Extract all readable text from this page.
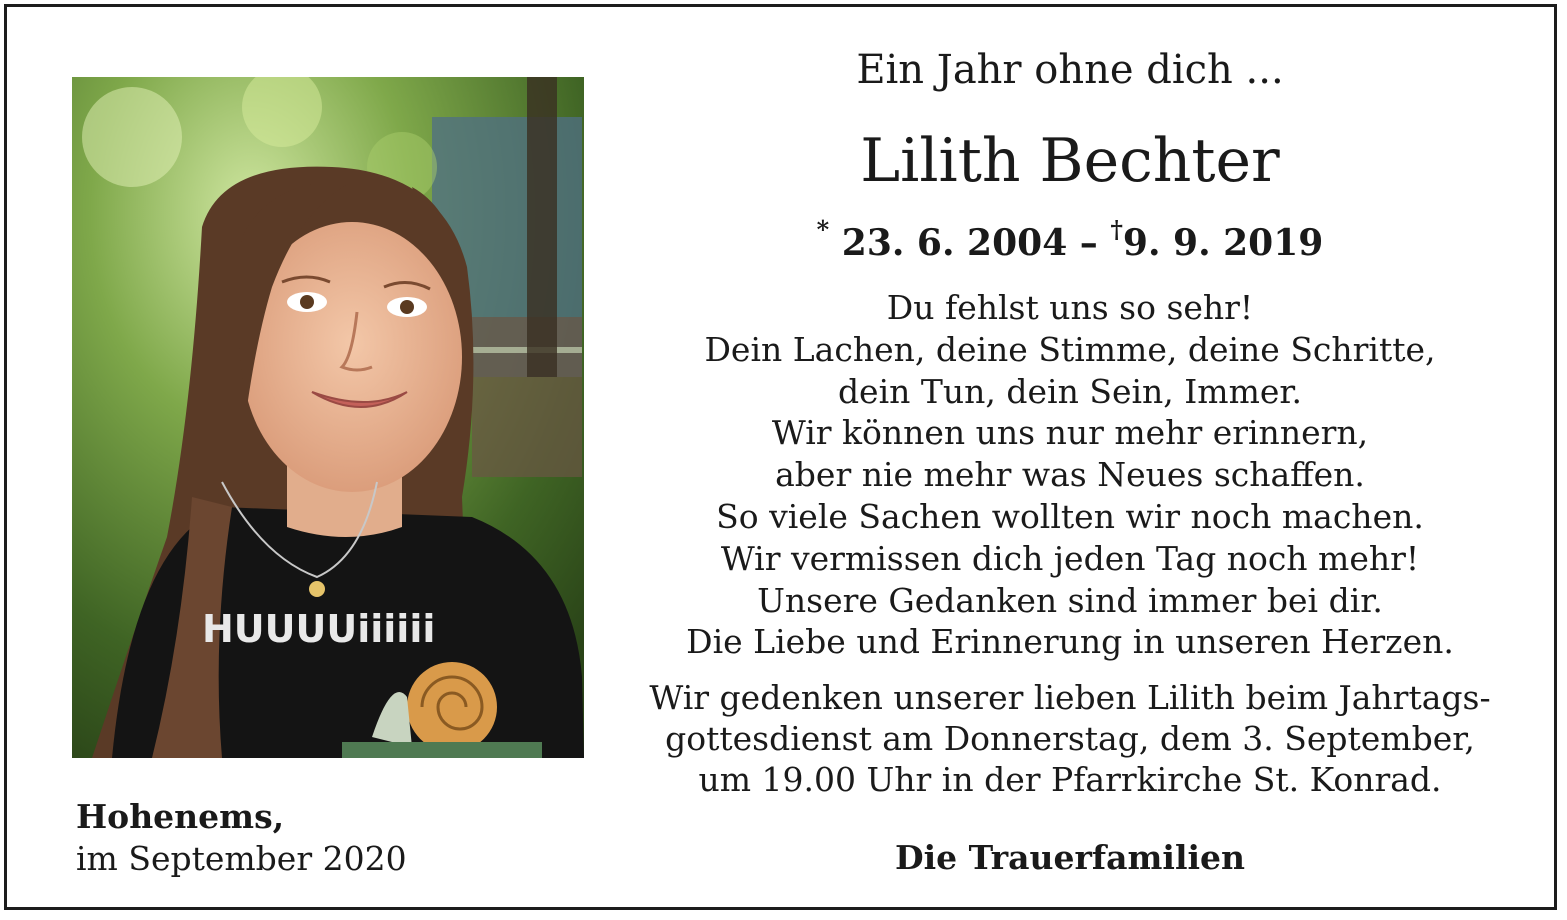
HUUUUiiiiii

Ein Jahr ohne dich ...

Lilith Bechter

* 23. 6. 2004 – †9. 9. 2019

Du fehlst uns so sehr!
Dein Lachen, deine Stimme, deine Schritte,
dein Tun, dein Sein, Immer.
Wir können uns nur mehr erinnern,
aber nie mehr was Neues schaffen.
So viele Sachen wollten wir noch machen.
Wir vermissen dich jeden Tag noch mehr!
Unsere Gedanken sind immer bei dir.
Die Liebe und Erinnerung in unseren Herzen.
Wir gedenken unserer lieben Lilith beim Jahrtags-
gottesdienst am Donnerstag, dem 3. September,
um 19.00 Uhr in der Pfarrkirche St. Konrad.

Die Trauerfamilien

Hohenems,

im September 2020
